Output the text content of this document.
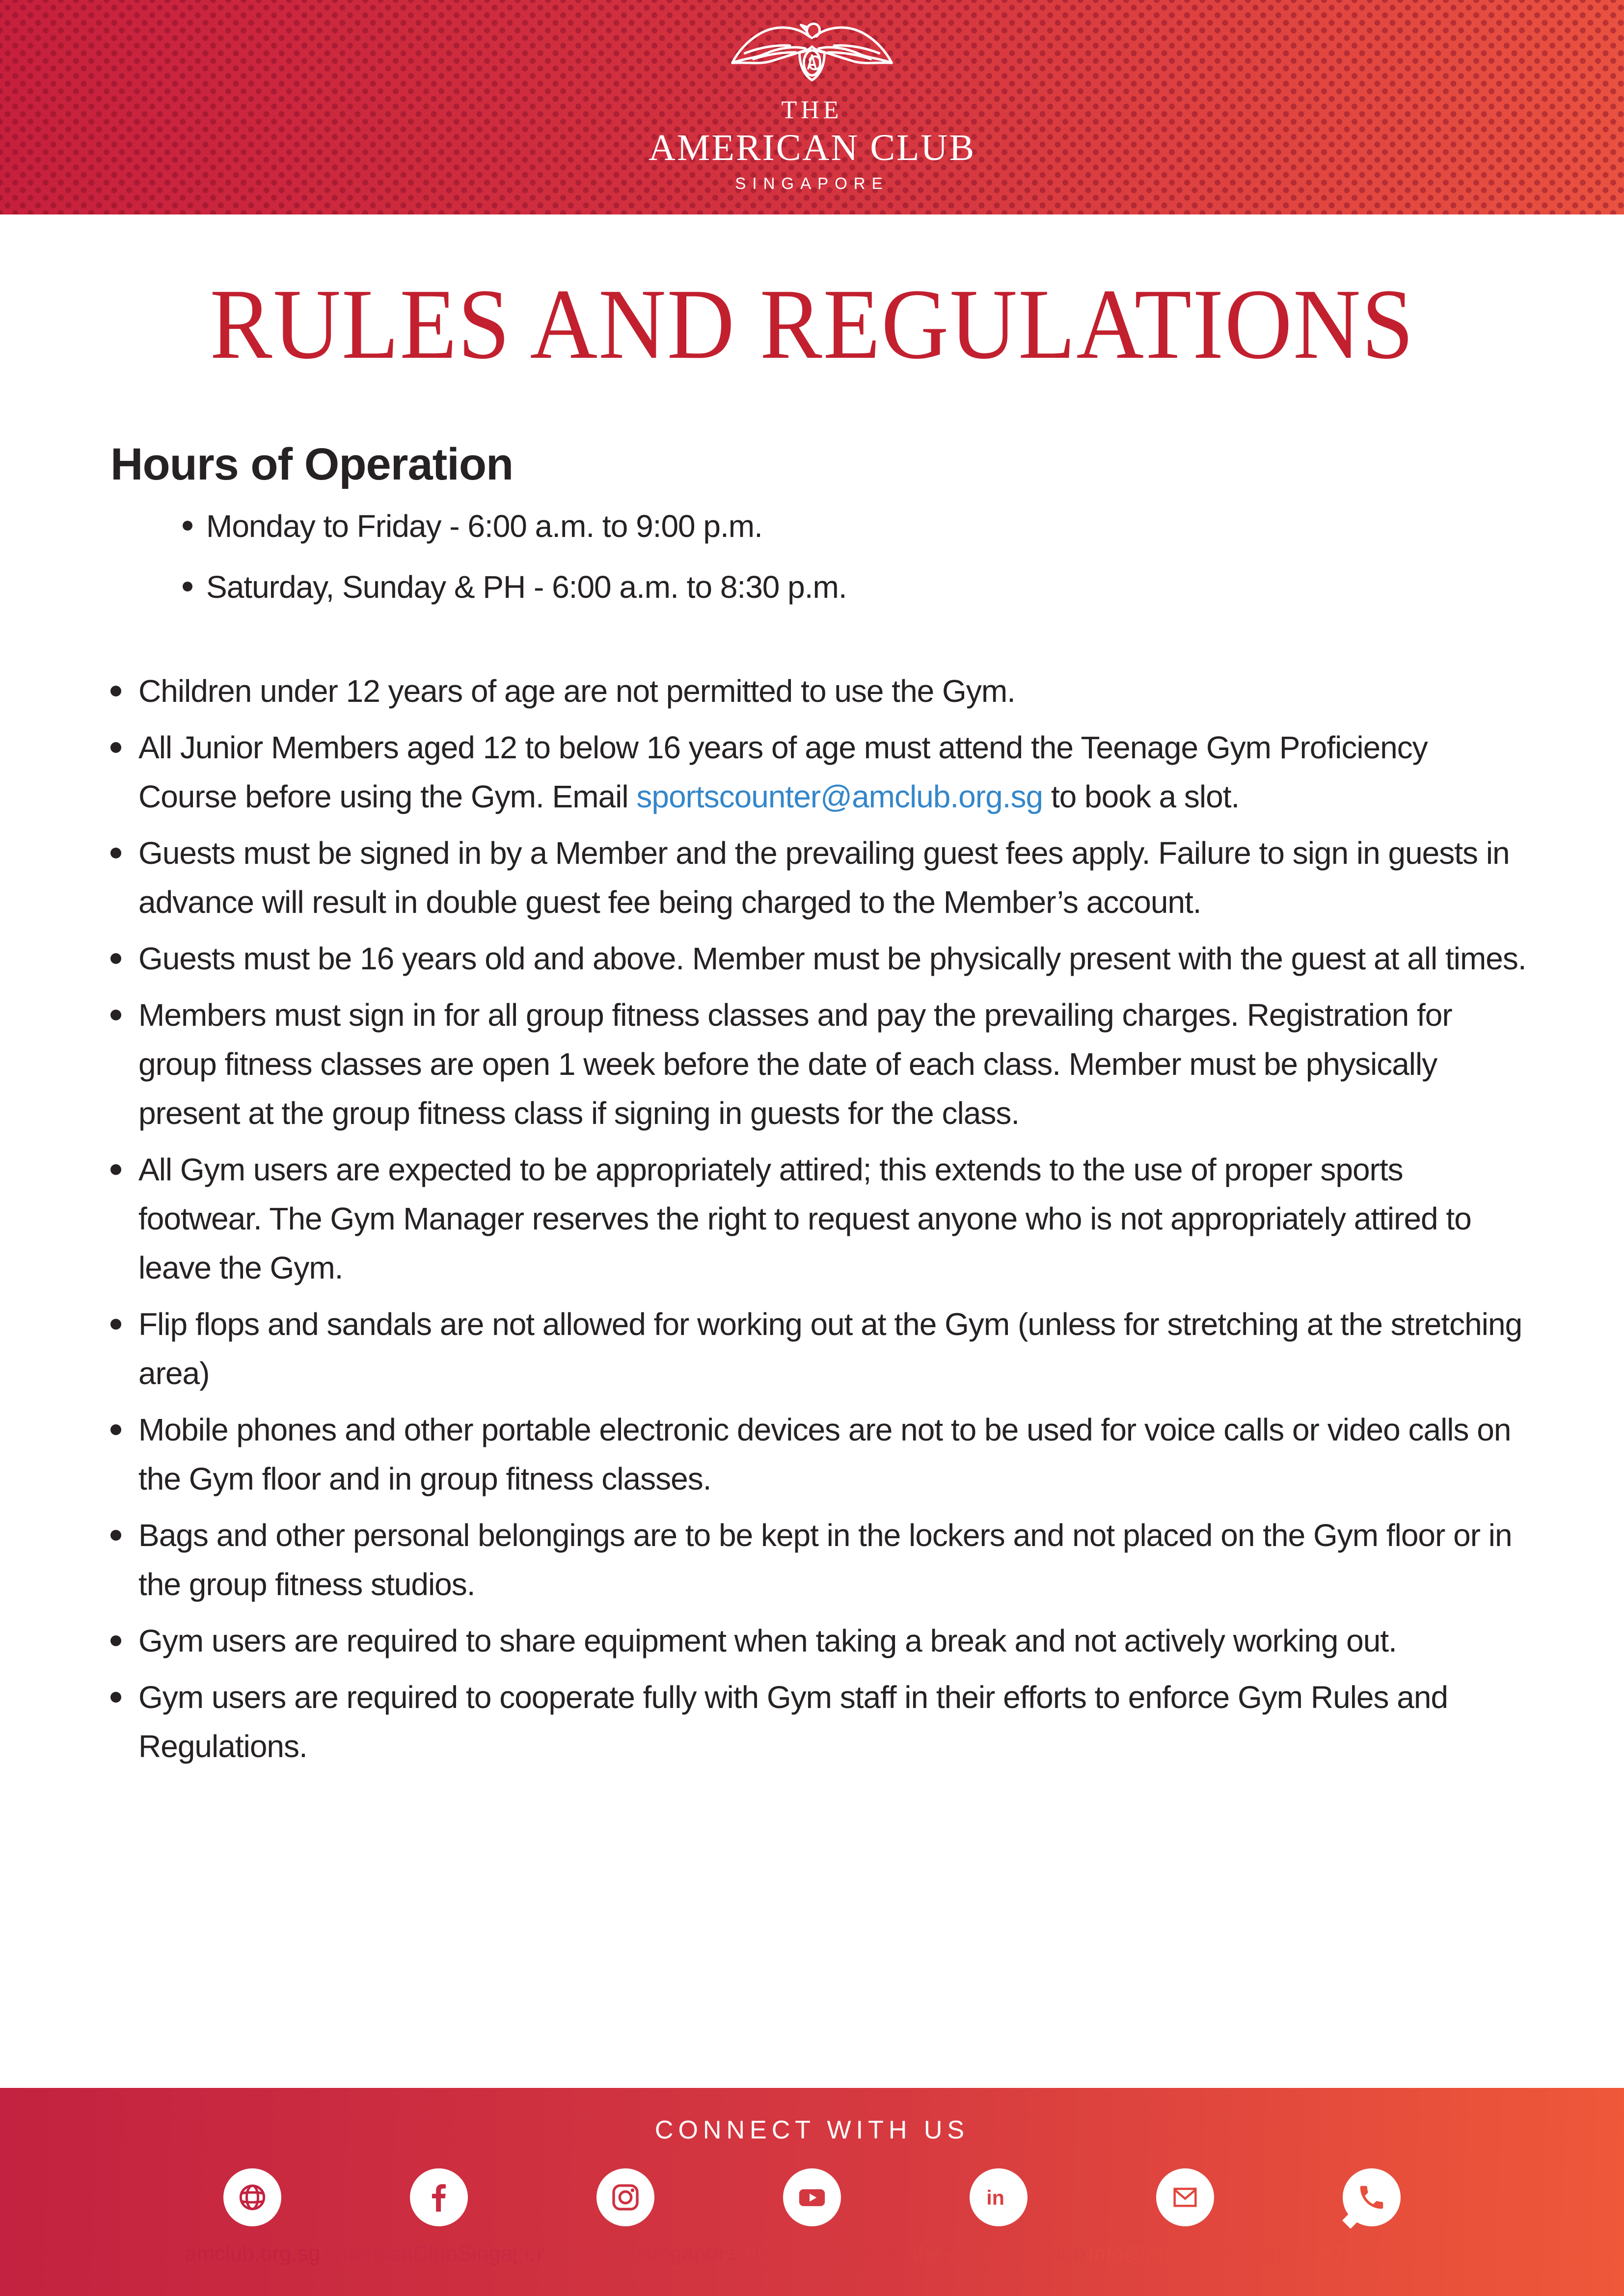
THE
AMERICAN CLUB
SINGAPORE
RULES AND REGULATIONS
Hours of Operation
Monday to Friday - 6:00 a.m. to 9:00 p.m.
Saturday, Sunday & PH - 6:00 a.m. to 8:30 p.m.
Children under 12 years of age are not permitted to use the Gym.
All Junior Members aged 12 to below 16 years of age must attend the Teenage Gym Proficiency Course before using the Gym. Email sportscounter@amclub.org.sg to book a slot.
Guests must be signed in by a Member and the prevailing guest fees apply. Failure to sign in guests in advance will result in double guest fee being charged to the Member’s account.
Guests must be 16 years old and above. Member must be physically present with the guest at all times.
Members must sign in for all group fitness classes and pay the prevailing charges. Registration for group fitness classes are open 1 week before the date of each class. Member must be physically present at the group fitness class if signing in guests for the class.
All Gym users are expected to be appropriately attired; this extends to the use of proper sports footwear. The Gym Manager reserves the right to request anyone who is not appropriately attired to leave the Gym.
Flip flops and sandals are not allowed for working out at the Gym (unless for stretching at the stretching area)
Mobile phones and other portable electronic devices are not to be used for voice calls or video calls on the Gym floor and in group fitness classes.
Bags and other personal belongings are to be kept in the lockers and not placed on the Gym floor or in the group fitness studios.
Gym users are required to share equipment when taking a break and not actively working out.
Gym users are required to cooperate fully with Gym staff in their efforts to enforce Gym Rules and Regulations.
CONNECT WITH US
amclub.org.sg AmericanClubSingapore
americanclubsingapore
AmClubSingapore
in
the-american-club
-singapore
info@amclub.org.sg 9722-6473
